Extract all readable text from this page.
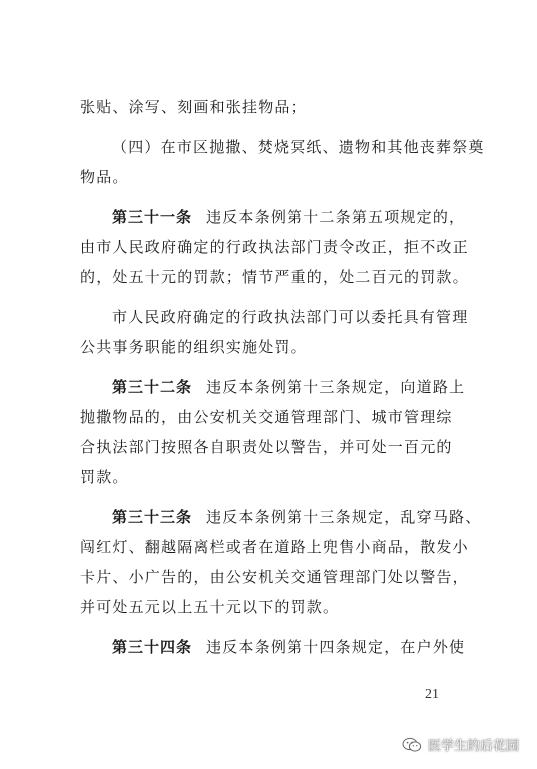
张贴、涂写、刻画和张挂物品；
（四）在市区抛撒、焚烧冥纸、遗物和其他丧葬祭奠
物品。
第三十一条 违反本条例第十二条第五项规定的，
由市人民政府确定的行政执法部门责令改正，拒不改正
的，处五十元的罚款；情节严重的，处二百元的罚款。
市人民政府确定的行政执法部门可以委托具有管理
公共事务职能的组织实施处罚。
第三十二条 违反本条例第十三条规定，向道路上
抛撒物品的，由公安机关交通管理部门、城市管理综
合执法部门按照各自职责处以警告，并可处一百元的
罚款。
第三十三条 违反本条例第十三条规定，乱穿马路、
闯红灯、翻越隔离栏或者在道路上兜售小商品，散发小
卡片、小广告的，由公安机关交通管理部门处以警告，
并可处五元以上五十元以下的罚款。
第三十四条 违反本条例第十四条规定，在户外使
21
医学生的后花园
